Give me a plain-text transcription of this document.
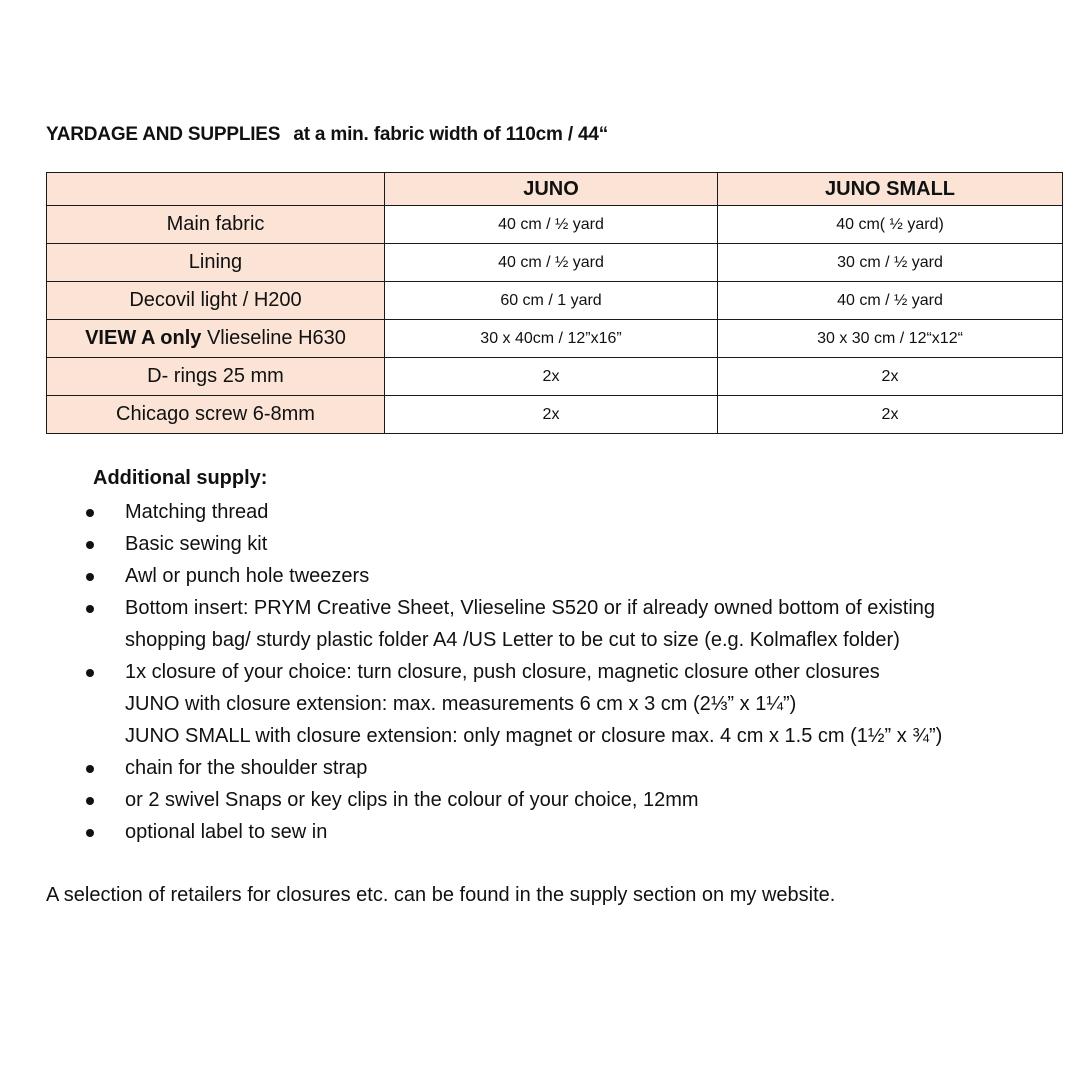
YARDAGE AND SUPPLIES at a min. fabric width of 110cm / 44“
	JUNO	JUNO SMALL
Main fabric	40 cm / ½ yard	40 cm( ½ yard)
Lining	40 cm / ½ yard	30 cm / ½ yard
Decovil light / H200	60 cm / 1 yard	40 cm / ½ yard
VIEW A only Vlieseline H630	30 x 40cm / 12”x16”	30 x 30 cm / 12“x12“
D- rings 25 mm	2x	2x
Chicago screw 6-8mm	2x	2x
Additional supply:
Matching thread
Basic sewing kit
Awl or punch hole tweezers
Bottom insert: PRYM Creative Sheet, Vlieseline S520 or if already owned bottom of existing
shopping bag/ sturdy plastic folder A4 /US Letter to be cut to size (e.g. Kolmaflex folder)
1x closure of your choice: turn closure, push closure, magnetic closure other closures
JUNO with closure extension: max. measurements 6 cm x 3 cm (2⅓” x 1¼”)
JUNO SMALL with closure extension: only magnet or closure max. 4 cm x 1.5 cm (1½” x ¾”)
chain for the shoulder strap
or 2 swivel Snaps or key clips in the colour of your choice, 12mm
optional label to sew in
A selection of retailers for closures etc. can be found in the supply section on my website.
